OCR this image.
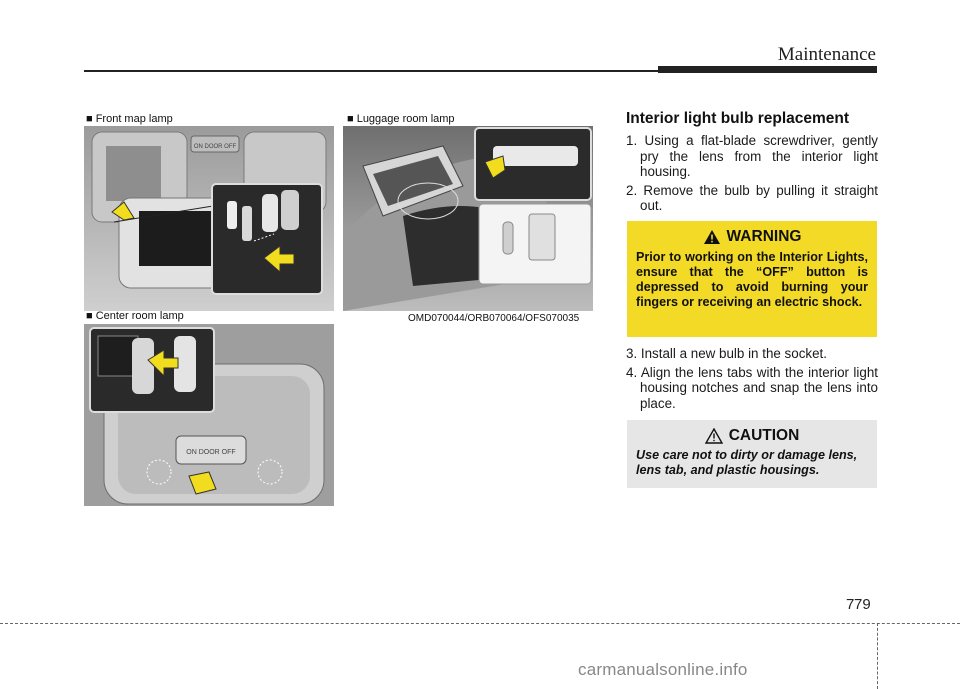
Maintenance
ON DOOR OFF
■ Front map lamp	■ Luggage room lamp
OMD070044/ORB070064/OFS070035
ON DOOR OFF
■ Center room lamp
Interior light bulb replacement
1. Using a flat-blade screwdriver, gently pry the lens from the interior light housing.
2. Remove the bulb by pulling it straight out.
WARNING
Prior to working on the Interior Lights, ensure that the “OFF” button is depressed to avoid burning your fingers or receiving an electric shock.
3. Install a new bulb in the socket.
4. Align the lens tabs with the interior light housing notches and snap the lens into place.
CAUTION
Use care not to dirty or damage lens, lens tab, and plastic housings.
7 79
carmanualsonline.info
